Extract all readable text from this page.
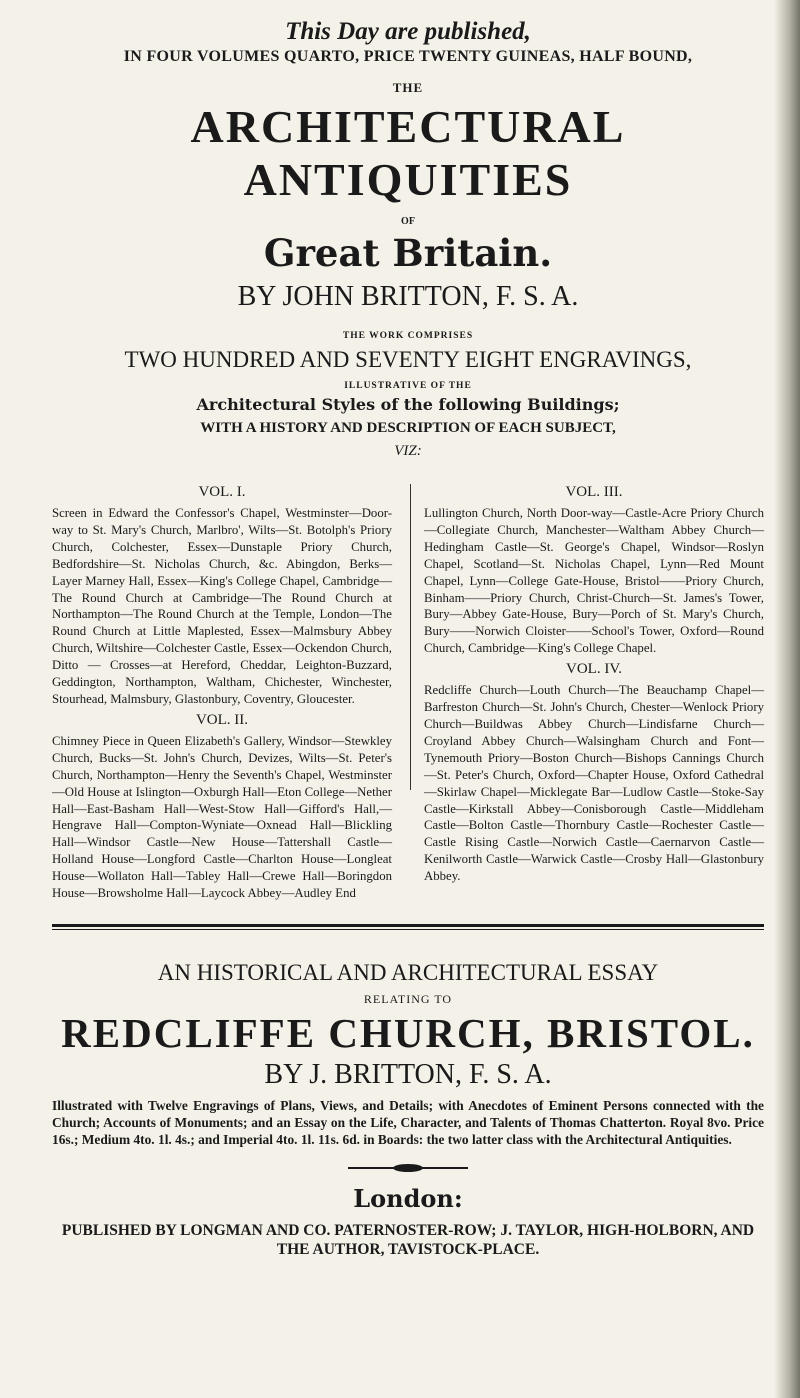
This Day are published,
IN FOUR VOLUMES QUARTO, PRICE TWENTY GUINEAS, HALF BOUND,
THE
ARCHITECTURAL ANTIQUITIES
OF
Great Britain.
BY JOHN BRITTON, F. S. A.
THE WORK COMPRISES
TWO HUNDRED AND SEVENTY EIGHT ENGRAVINGS,
ILLUSTRATIVE OF THE
Architectural Styles of the following Buildings;
WITH A HISTORY AND DESCRIPTION OF EACH SUBJECT,
VIZ:
VOL. I.
Screen in Edward the Confessor's Chapel, Westminster—Door-way to St. Mary's Church, Marlbro', Wilts—St. Botolph's Priory Church, Colchester, Essex—Dunstaple Priory Church, Bedfordshire—St. Nicholas Church, &c. Abingdon, Berks—Layer Marney Hall, Essex—King's College Chapel, Cambridge—The Round Church at Cambridge—The Round Church at Northampton—The Round Church at the Temple, London—The Round Church at Little Maplested, Essex—Malmsbury Abbey Church, Wiltshire—Colchester Castle, Essex—Ockendon Church, Ditto — Crosses—at Hereford, Cheddar, Leighton-Buzzard, Geddington, Northampton, Waltham, Chichester, Winchester, Stourhead, Malmsbury, Glastonbury, Coventry, Gloucester.
VOL. II.
Chimney Piece in Queen Elizabeth's Gallery, Windsor—Stewkley Church, Bucks—St. John's Church, Devizes, Wilts—St. Peter's Church, Northampton—Henry the Seventh's Chapel, Westminster—Old House at Islington—Oxburgh Hall—Eton College—Nether Hall—East-Basham Hall—West-Stow Hall—Gifford's Hall,—Hengrave Hall—Compton-Wyniate—Oxnead Hall—Blickling Hall—Windsor Castle—New House—Tattershall Castle—Holland House—Longford Castle—Charlton House—Longleat House—Wollaton Hall—Tabley Hall—Crewe Hall—Boringdon House—Browsholme Hall—Laycock Abbey—Audley End
VOL. III.
Lullington Church, North Door-way—Castle-Acre Priory Church—Collegiate Church, Manchester—Waltham Abbey Church—Hedingham Castle—St. George's Chapel, Windsor—Roslyn Chapel, Scotland—St. Nicholas Chapel, Lynn—Red Mount Chapel, Lynn—College Gate-House, Bristol——Priory Church, Binham——Priory Church, Christ-Church—St. James's Tower, Bury—Abbey Gate-House, Bury—Porch of St. Mary's Church, Bury——Norwich Cloister——School's Tower, Oxford—Round Church, Cambridge—King's College Chapel.
VOL. IV.
Redcliffe Church—Louth Church—The Beauchamp Chapel—Barfreston Church—St. John's Church, Chester—Wenlock Priory Church—Buildwas Abbey Church—Lindisfarne Church—Croyland Abbey Church—Walsingham Church and Font—Tynemouth Priory—Boston Church—Bishops Cannings Church—St. Peter's Church, Oxford—Chapter House, Oxford Cathedral—Skirlaw Chapel—Micklegate Bar—Ludlow Castle—Stoke-Say Castle—Kirkstall Abbey—Conisborough Castle—Middleham Castle—Bolton Castle—Thornbury Castle—Rochester Castle—Castle Rising Castle—Norwich Castle—Caernarvon Castle—Kenilworth Castle—Warwick Castle—Crosby Hall—Glastonbury Abbey.
AN HISTORICAL AND ARCHITECTURAL ESSAY
RELATING TO
REDCLIFFE CHURCH, BRISTOL.
BY J. BRITTON, F. S. A.
Illustrated with Twelve Engravings of Plans, Views, and Details; with Anecdotes of Eminent Persons connected with the Church; Accounts of Monuments; and an Essay on the Life, Character, and Talents of Thomas Chatterton. Royal 8vo. Price 16s.; Medium 4to. 1l. 4s.; and Imperial 4to. 1l. 11s. 6d. in Boards: the two latter class with the Architectural Antiquities.
London:
PUBLISHED BY LONGMAN AND CO. PATERNOSTER-ROW; J. TAYLOR, HIGH-HOLBORN, AND THE AUTHOR, TAVISTOCK-PLACE.
